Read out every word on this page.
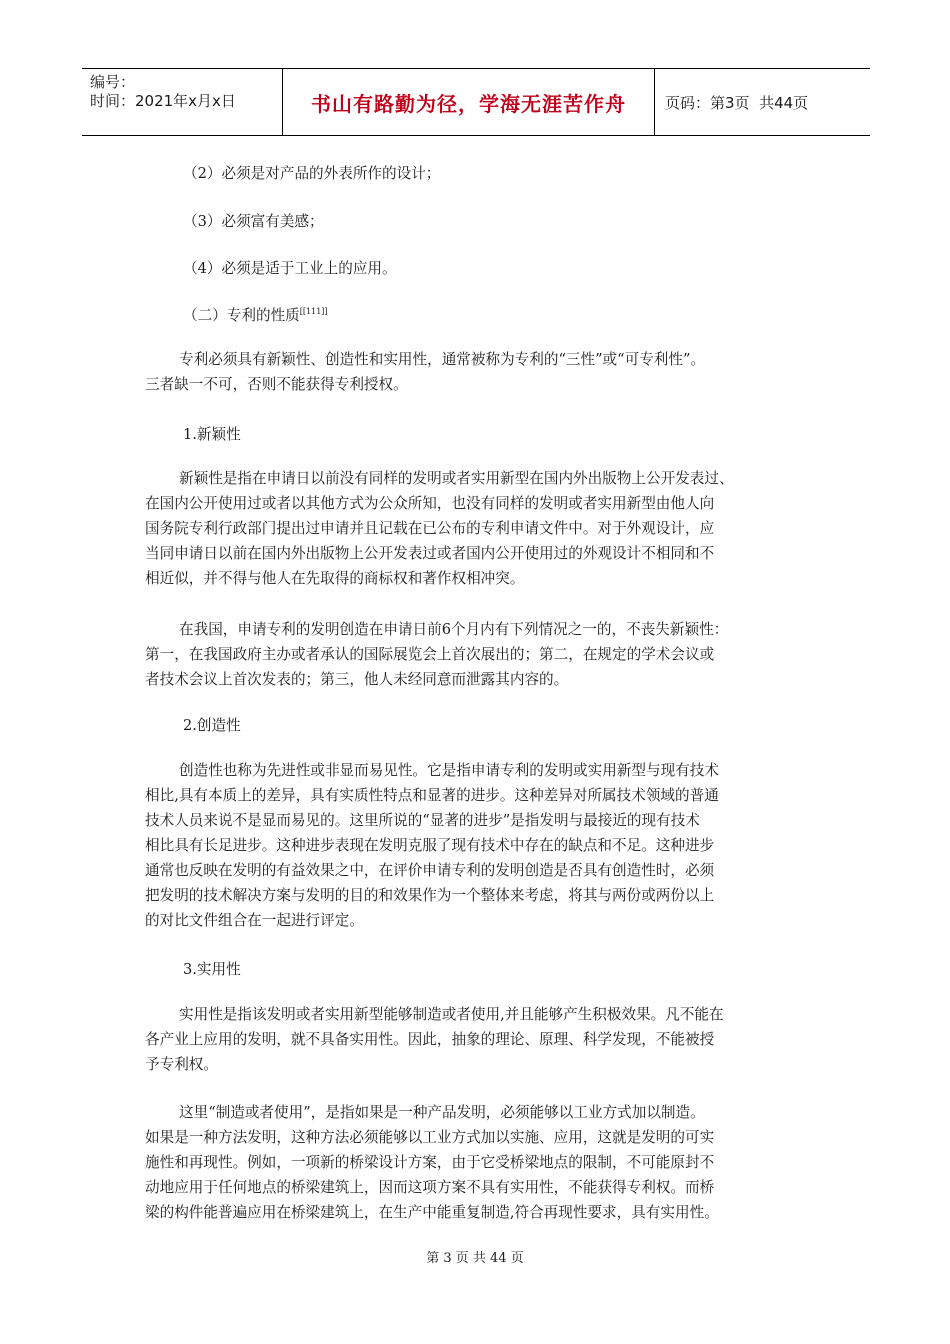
编号：
时间：2021年x月x日	书山有路勤为径，学海无涯苦作舟	页码：第3页  共44页
（2）必须是对产品的外表所作的设计；
（3）必须富有美感；
（4）必须是适于工业上的应用。
（二）专利的性质[[111]]
专利必须具有新颖性、创造性和实用性，通常被称为专利的“三性”或“可专利性”。
三者缺一不可，否则不能获得专利授权。
1.新颖性
新颖性是指在申请日以前没有同样的发明或者实用新型在国内外出版物上公开发表过、
在国内公开使用过或者以其他方式为公众所知，也没有同样的发明或者实用新型由他人向
国务院专利行政部门提出过申请并且记载在已公布的专利申请文件中。对于外观设计，应
当同申请日以前在国内外出版物上公开发表过或者国内公开使用过的外观设计不相同和不
相近似，并不得与他人在先取得的商标权和著作权相冲突。
在我国，申请专利的发明创造在申请日前6个月内有下列情况之一的，不丧失新颖性：
第一，在我国政府主办或者承认的国际展览会上首次展出的；第二，在规定的学术会议或
者技术会议上首次发表的；第三，他人未经同意而泄露其内容的。
2.创造性
创造性也称为先进性或非显而易见性。它是指申请专利的发明或实用新型与现有技术
相比,具有本质上的差异，具有实质性特点和显著的进步。这种差异对所属技术领域的普通
技术人员来说不是显而易见的。这里所说的“显著的进步”是指发明与最接近的现有技术
相比具有长足进步。这种进步表现在发明克服了现有技术中存在的缺点和不足。这种进步
通常也反映在发明的有益效果之中，在评价申请专利的发明创造是否具有创造性时，必须
把发明的技术解决方案与发明的目的和效果作为一个整体来考虑，将其与两份或两份以上
的对比文件组合在一起进行评定。
3.实用性
实用性是指该发明或者实用新型能够制造或者使用,并且能够产生积极效果。凡不能在
各产业上应用的发明，就不具备实用性。因此，抽象的理论、原理、科学发现，不能被授
予专利权。
这里“制造或者使用”，是指如果是一种产品发明，必须能够以工业方式加以制造。
如果是一种方法发明，这种方法必须能够以工业方式加以实施、应用，这就是发明的可实
施性和再现性。例如，一项新的桥梁设计方案，由于它受桥梁地点的限制，不可能原封不
动地应用于任何地点的桥梁建筑上，因而这项方案不具有实用性，不能获得专利权。而桥
梁的构件能普遍应用在桥梁建筑上，在生产中能重复制造,符合再现性要求，具有实用性。
第 3 页 共 44 页
